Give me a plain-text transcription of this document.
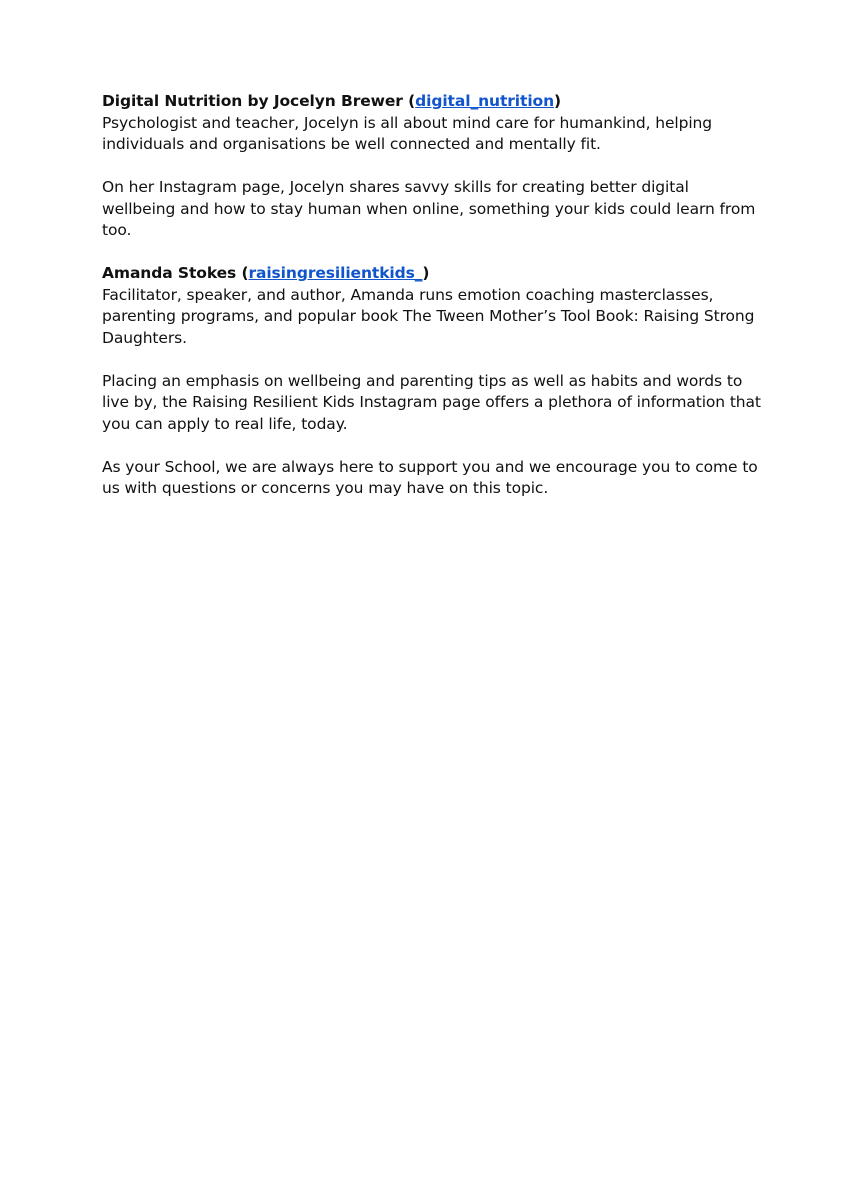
Digital Nutrition by Jocelyn Brewer (digital_nutrition)

Psychologist and teacher, Jocelyn is all about mind care for humankind, helping individuals and organisations be well connected and mentally fit.

On her Instagram page, Jocelyn shares savvy skills for creating better digital wellbeing and how to stay human when online, something your kids could learn from too.

Amanda Stokes (raisingresilientkids_)

Facilitator, speaker, and author, Amanda runs emotion coaching masterclasses, parenting programs, and popular book The Tween Mother’s Tool Book: Raising Strong Daughters.

Placing an emphasis on wellbeing and parenting tips as well as habits and words to live by, the Raising Resilient Kids Instagram page offers a plethora of information that you can apply to real life, today.

As your School, we are always here to support you and we encourage you to come to us with questions or concerns you may have on this topic.
